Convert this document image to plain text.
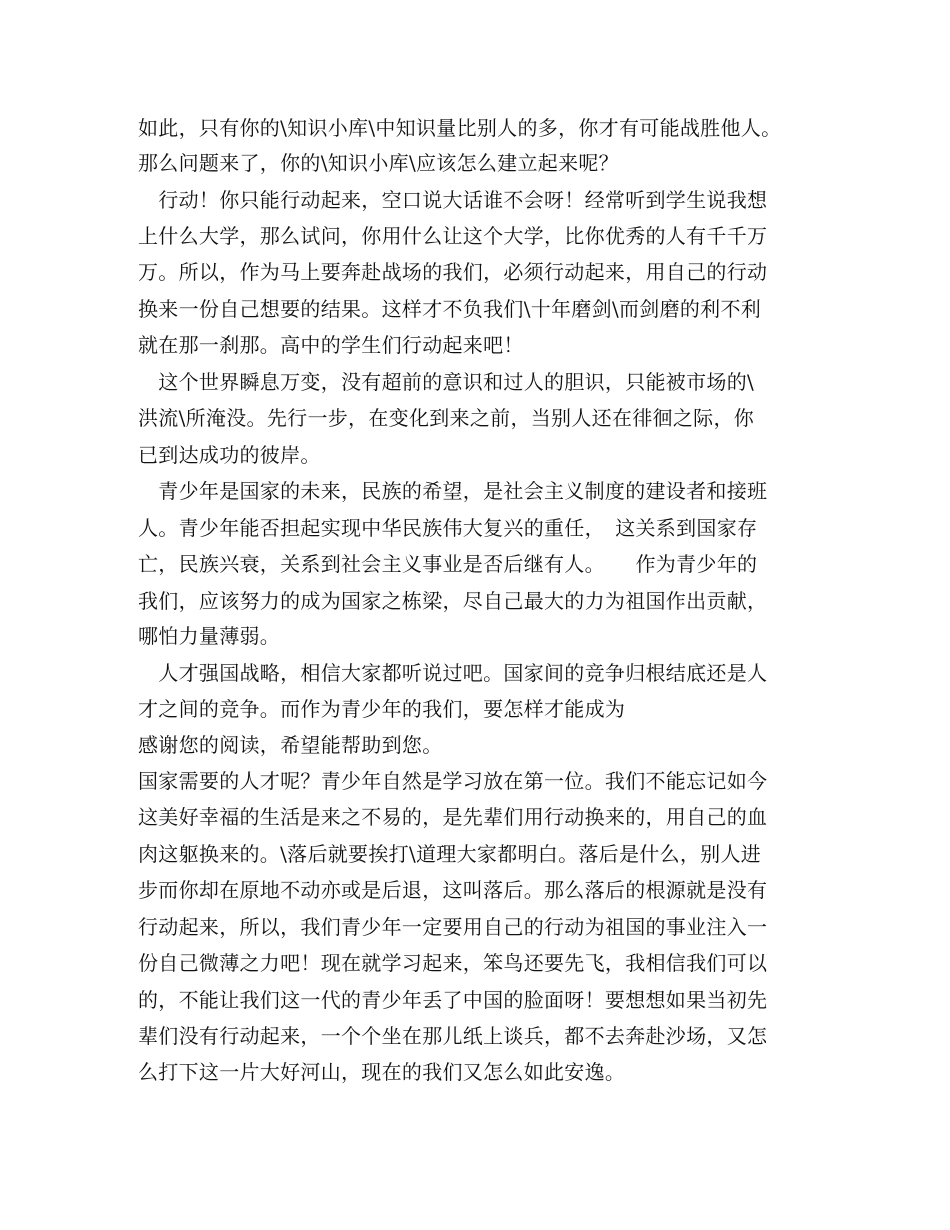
如此，只有你的\知识小库\中知识量比别人的多，你才有可能战胜他人。
那么问题来了，你的\知识小库\应该怎么建立起来呢？
　行动！你只能行动起来，空口说大话谁不会呀！经常听到学生说我想
上什么大学，那么试问，你用什么让这个大学，比你优秀的人有千千万
万。所以，作为马上要奔赴战场的我们，必须行动起来，用自己的行动
换来一份自己想要的结果。这样才不负我们\十年磨剑\而剑磨的利不利
就在那一刹那。高中的学生们行动起来吧！
　这个世界瞬息万变，没有超前的意识和过人的胆识，只能被市场的\
洪流\所淹没。先行一步，在变化到来之前，当别人还在徘徊之际，你
已到达成功的彼岸。
　青少年是国家的未来，民族的希望，是社会主义制度的建设者和接班
人。青少年能否担起实现中华民族伟大复兴的重任，　这关系到国家存
亡，民族兴衰，关系到社会主义事业是否后继有人。　　作为青少年的
我们，应该努力的成为国家之栋梁，尽自己最大的力为祖国作出贡献，
哪怕力量薄弱。
　人才强国战略，相信大家都听说过吧。国家间的竞争归根结底还是人
才之间的竞争。而作为青少年的我们，要怎样才能成为
感谢您的阅读，希望能帮助到您。
国家需要的人才呢？青少年自然是学习放在第一位。我们不能忘记如今
这美好幸福的生活是来之不易的，是先辈们用行动换来的，用自己的血
肉这躯换来的。\落后就要挨打\道理大家都明白。落后是什么，别人进
步而你却在原地不动亦或是后退，这叫落后。那么落后的根源就是没有
行动起来，所以，我们青少年一定要用自己的行动为祖国的事业注入一
份自己微薄之力吧！现在就学习起来，笨鸟还要先飞，我相信我们可以
的，不能让我们这一代的青少年丢了中国的脸面呀！要想想如果当初先
辈们没有行动起来，一个个坐在那儿纸上谈兵，都不去奔赴沙场，又怎
么打下这一片大好河山，现在的我们又怎么如此安逸。
